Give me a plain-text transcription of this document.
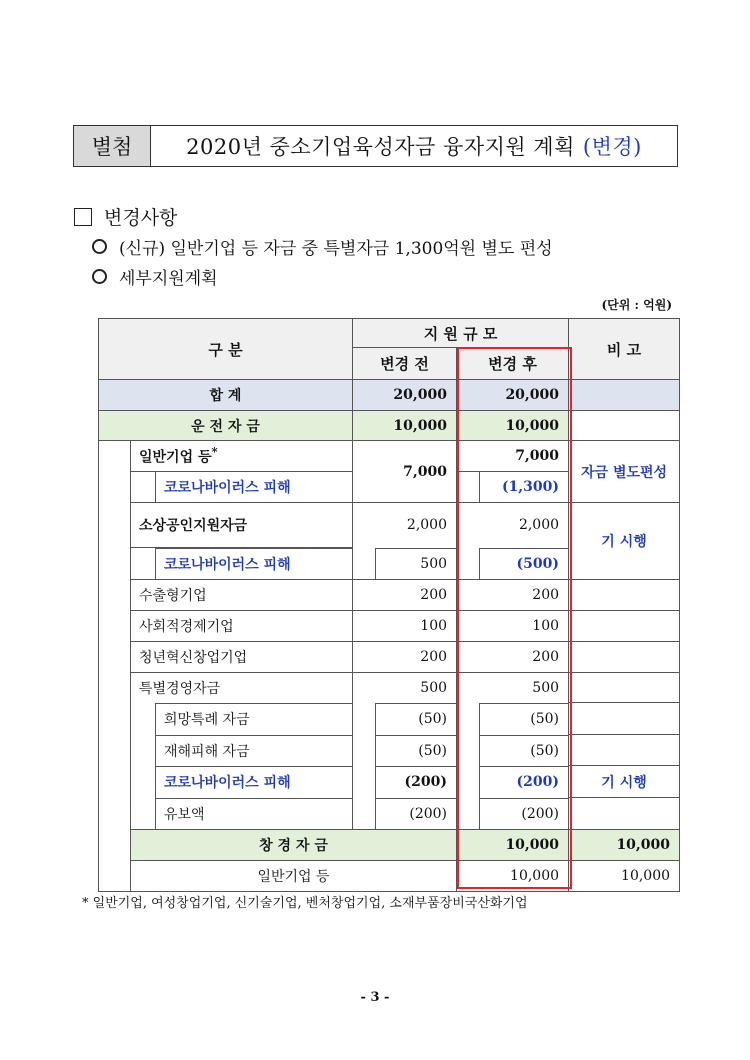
별첨	2020년 중소기업육성자금 융자지원 계획 (변경)
변경사항
(신규) 일반기업 등 자금 중 특별자금 1,300억원 별도 편성
세부지원계획
(단위 : 억원)
구 분		지 원 규 모		비 고	
		변경 전	변경 후		
합 계		20,000	20,000		
운 전 자 금		10,000	10,000		
	일반기업 등*	7,000	7,000	자금 별도편성	

코로나바이러스 피해		(1,300)		

	소상공인지원자금	2,000	2,000	기 시행	

코로나바이러스 피해	500	(500)		

	수출형기업	200	200		
	사회적경제기업	100	100		
	청년혁신창업기업	200	200		
	특별경영자금	500	500		

희망특례 자금	(50)	(50)		

재해피해 자금	(50)	(50)		

코로나바이러스 피해	(200)	(200)	기 시행	

유보액	(200)	(200)		

	창 경 자 금		10,000	10,000	
	일반기업 등		10,000	10,000	
* 일반기업, 여성창업기업, 신기술기업, 벤처창업기업, 소재부품장비국산화기업
- 3 -
